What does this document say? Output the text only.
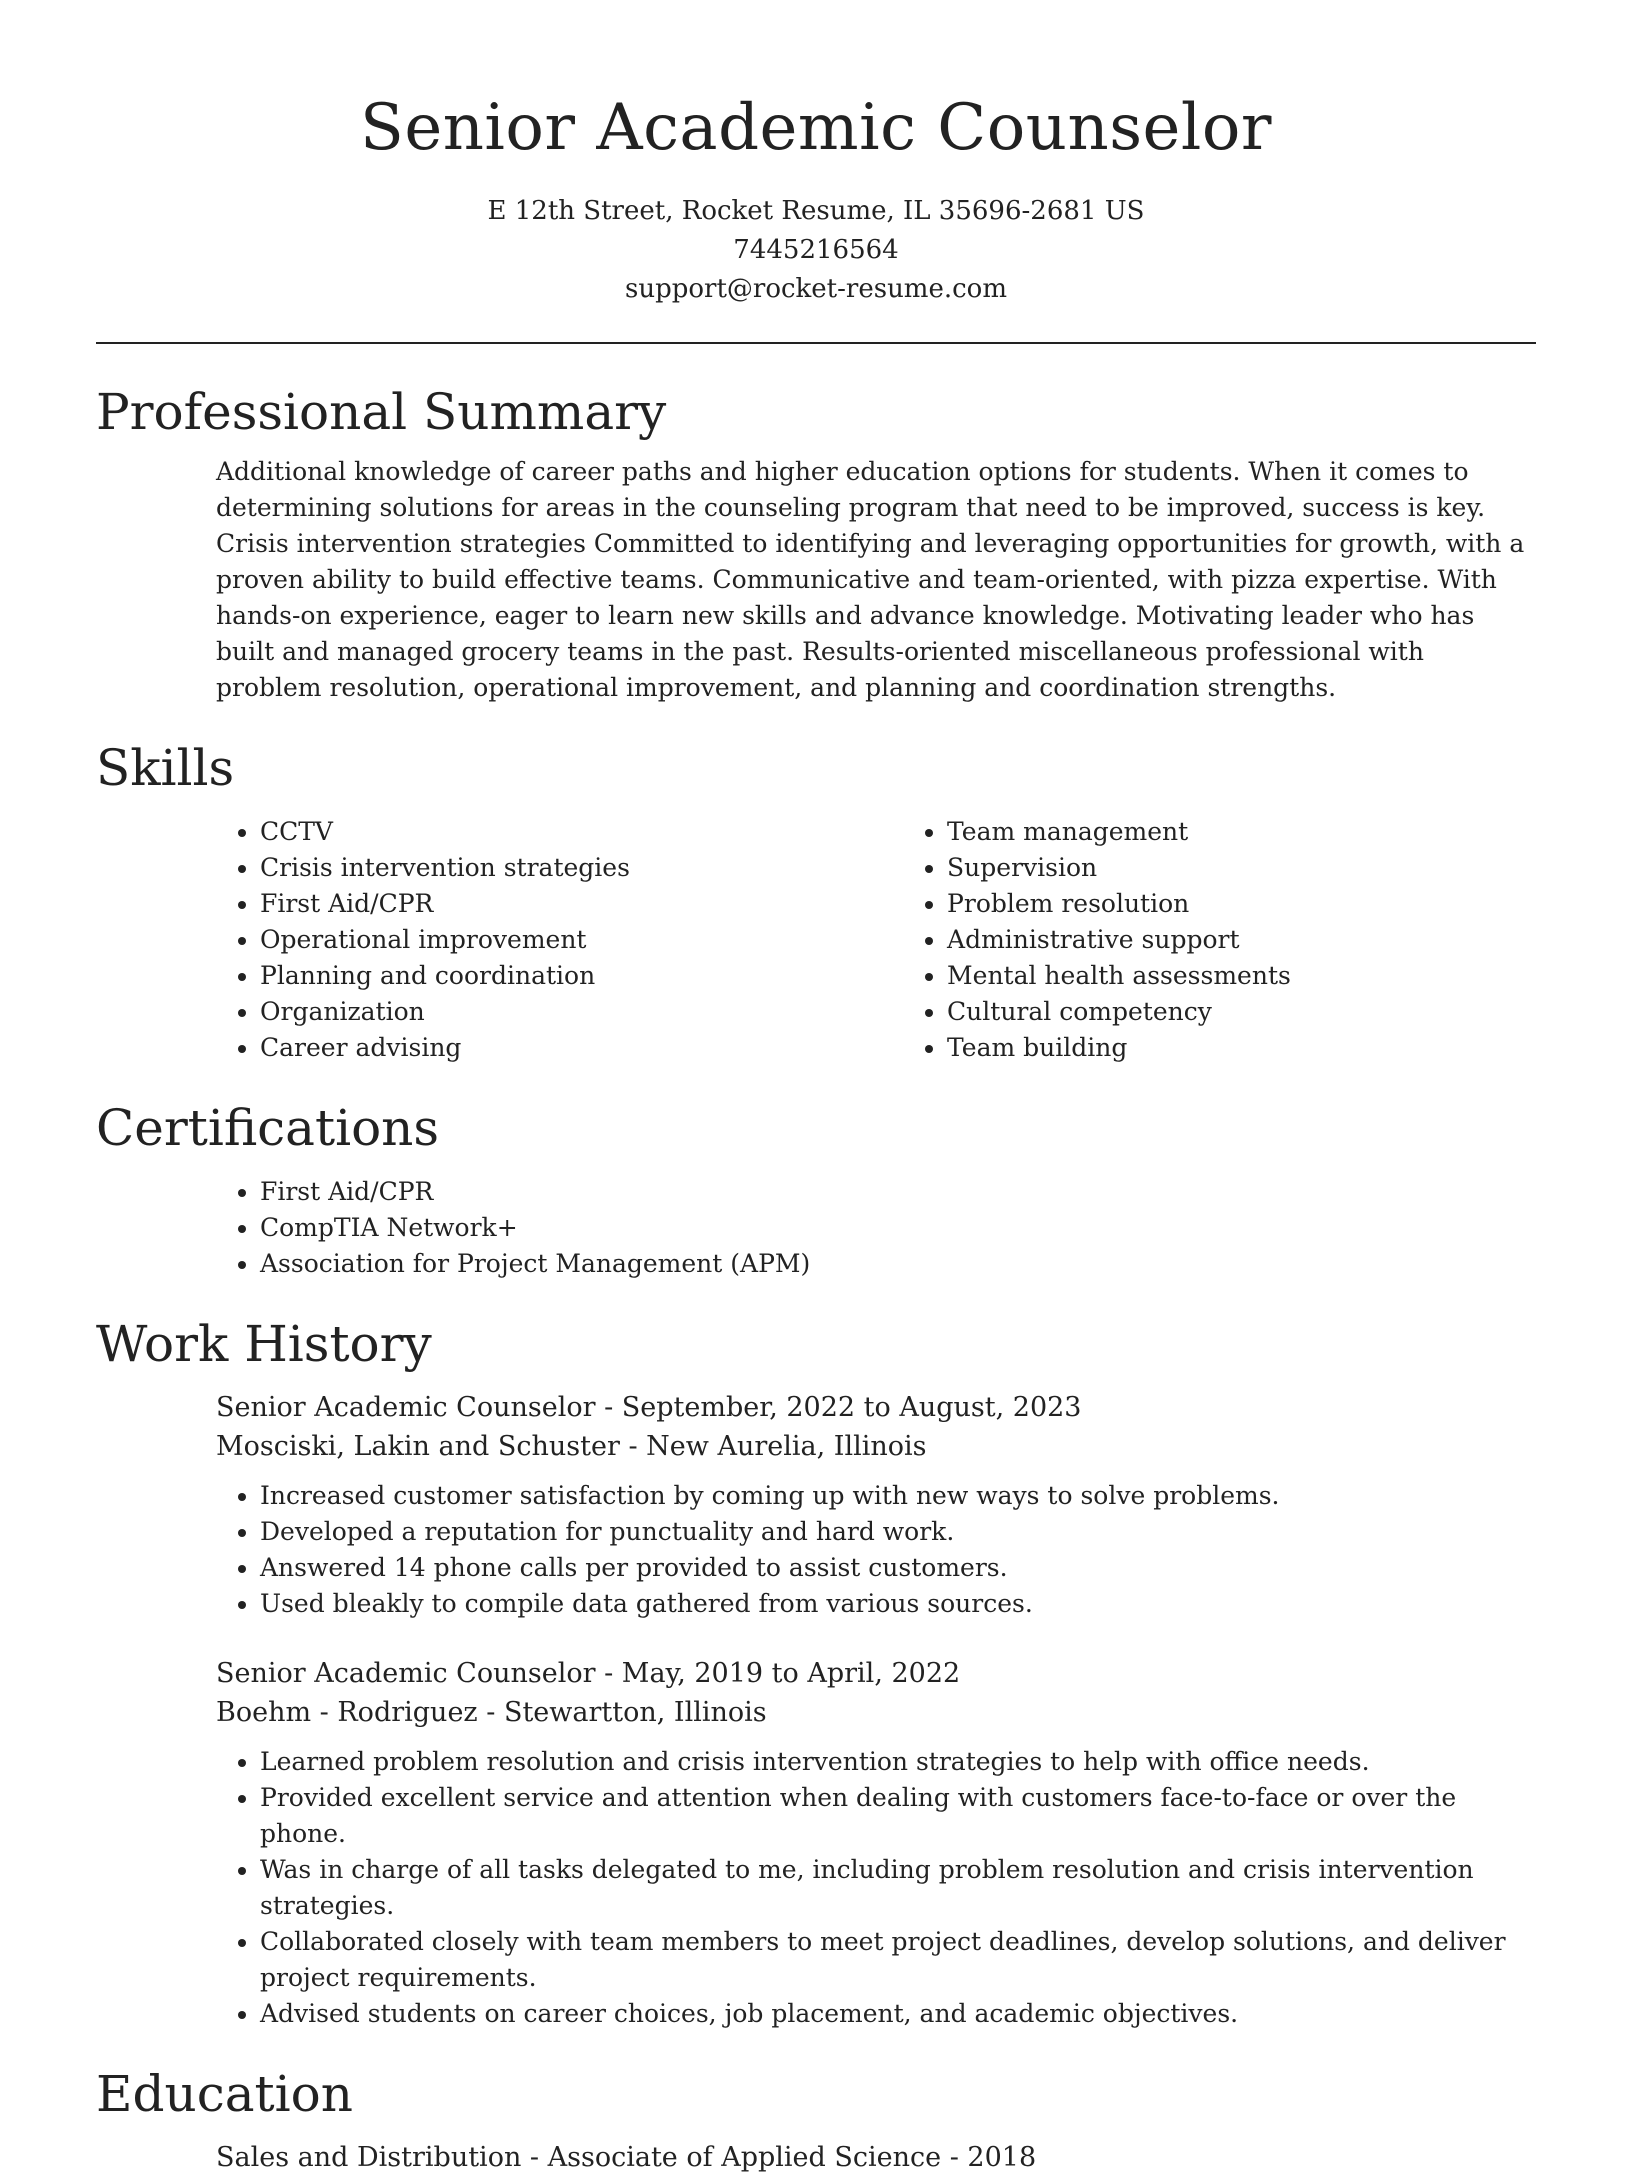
Senior Academic Counselor

E 12th Street, Rocket Resume, IL 35696-2681 US

7445216564

support@rocket-resume.com

Professional Summary

Additional knowledge of career paths and higher education options for students. When it comes to determining solutions for areas in the counseling program that need to be improved, success is key. Crisis intervention strategies Committed to identifying and leveraging opportunities for growth, with a proven ability to build effective teams. Communicative and team-oriented, with pizza expertise. With hands-on experience, eager to learn new skills and advance knowledge. Motivating leader who has built and managed grocery teams in the past. Results-oriented miscellaneous professional with problem resolution, operational improvement, and planning and coordination strengths.

Skills
• CCTV
• Crisis intervention strategies
• First Aid/CPR
• Operational improvement
• Planning and coordination
• Organization
• Career advising
• Team management
• Supervision
• Problem resolution
• Administrative support
• Mental health assessments
• Cultural competency
• Team building
Certifications
• First Aid/CPR
• CompTIA Network+
• Association for Project Management (APM)
Work History
Senior Academic Counselor - September, 2022 to August, 2023
Mosciski, Lakin and Schuster - New Aurelia, Illinois
• Increased customer satisfaction by coming up with new ways to solve problems.
• Developed a reputation for punctuality and hard work.
• Answered 14 phone calls per provided to assist customers.
• Used bleakly to compile data gathered from various sources.
Senior Academic Counselor - May, 2019 to April, 2022
Boehm - Rodriguez - Stewartton, Illinois
• Learned problem resolution and crisis intervention strategies to help with office needs.
• Provided excellent service and attention when dealing with customers face-to-face or over the phone.
• Was in charge of all tasks delegated to me, including problem resolution and crisis intervention strategies.
• Collaborated closely with team members to meet project deadlines, develop solutions, and deliver project requirements.
• Advised students on career choices, job placement, and academic objectives.
Education
Sales and Distribution - Associate of Applied Science - 2018
